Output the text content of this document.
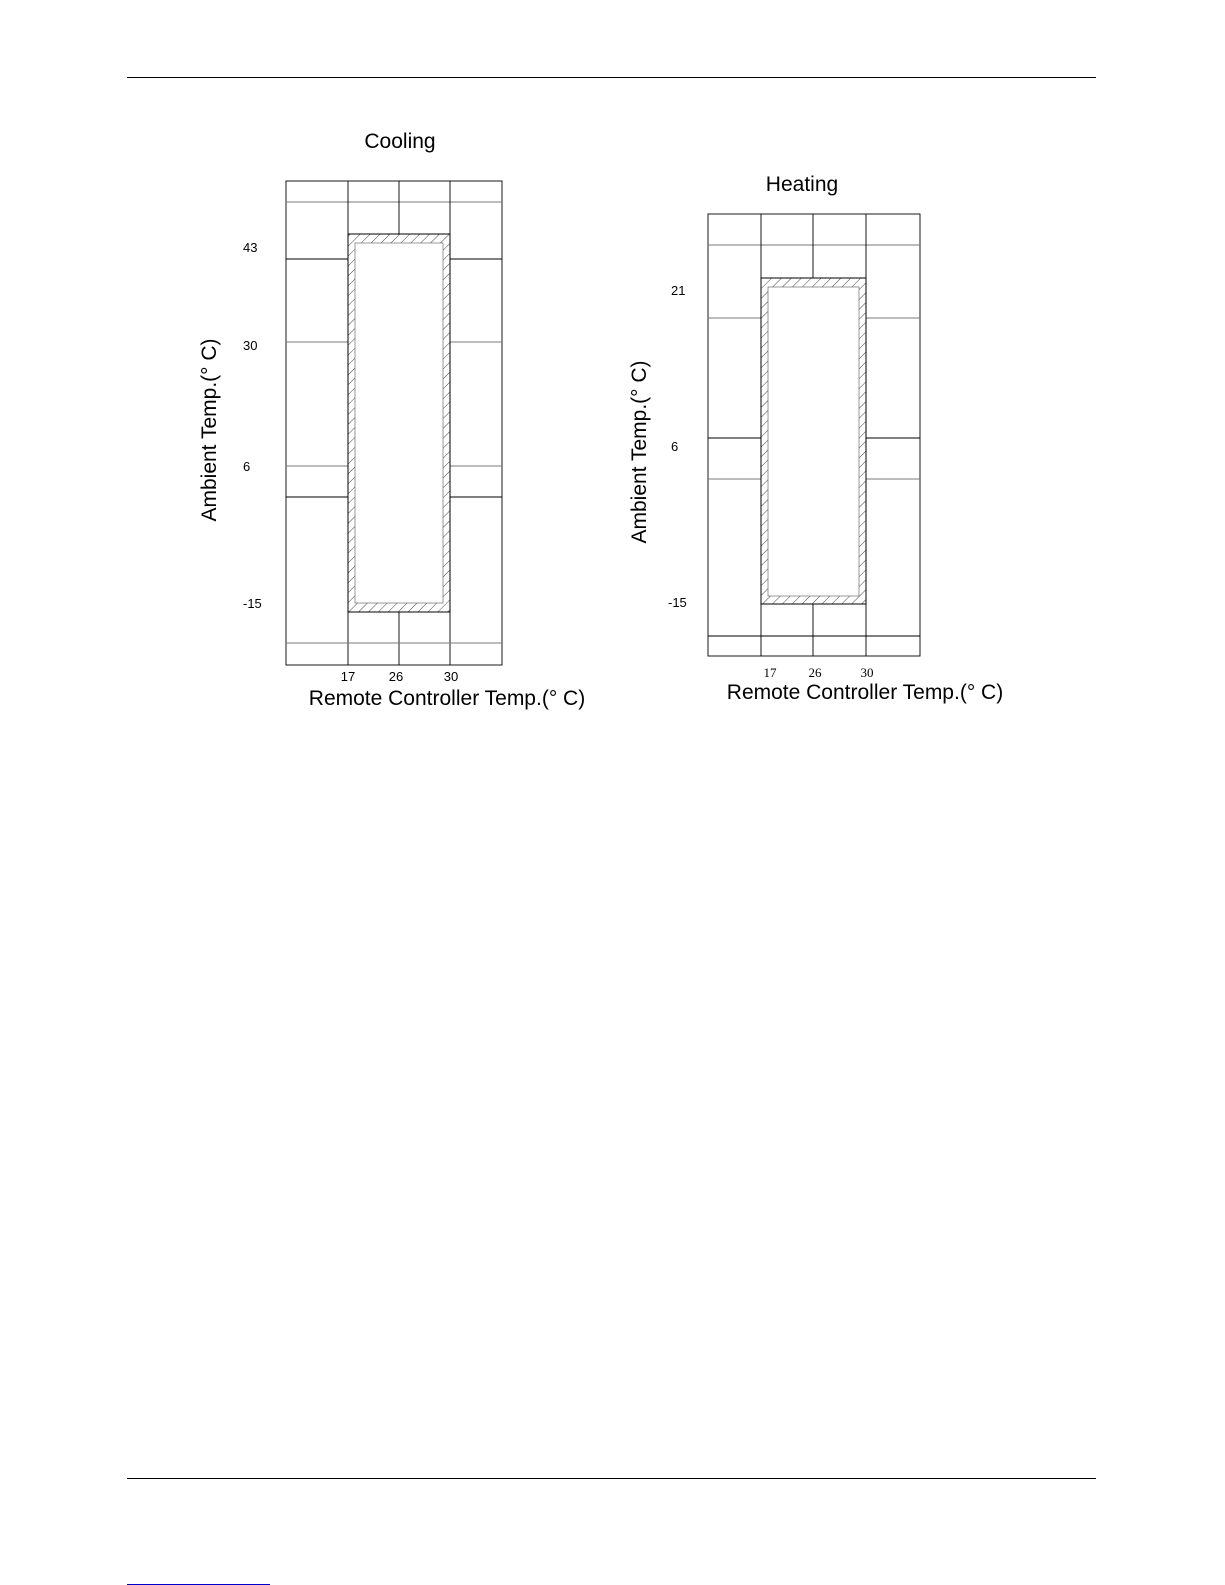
Cooling
43
30
6
-15
17	26	30
Remote Controller Temp.(° C)
Ambient Temp.(° C)
Heating
21
6
-15
17 26	30
Remote Controller Temp.(° C)
Ambient Temp.(° C)
